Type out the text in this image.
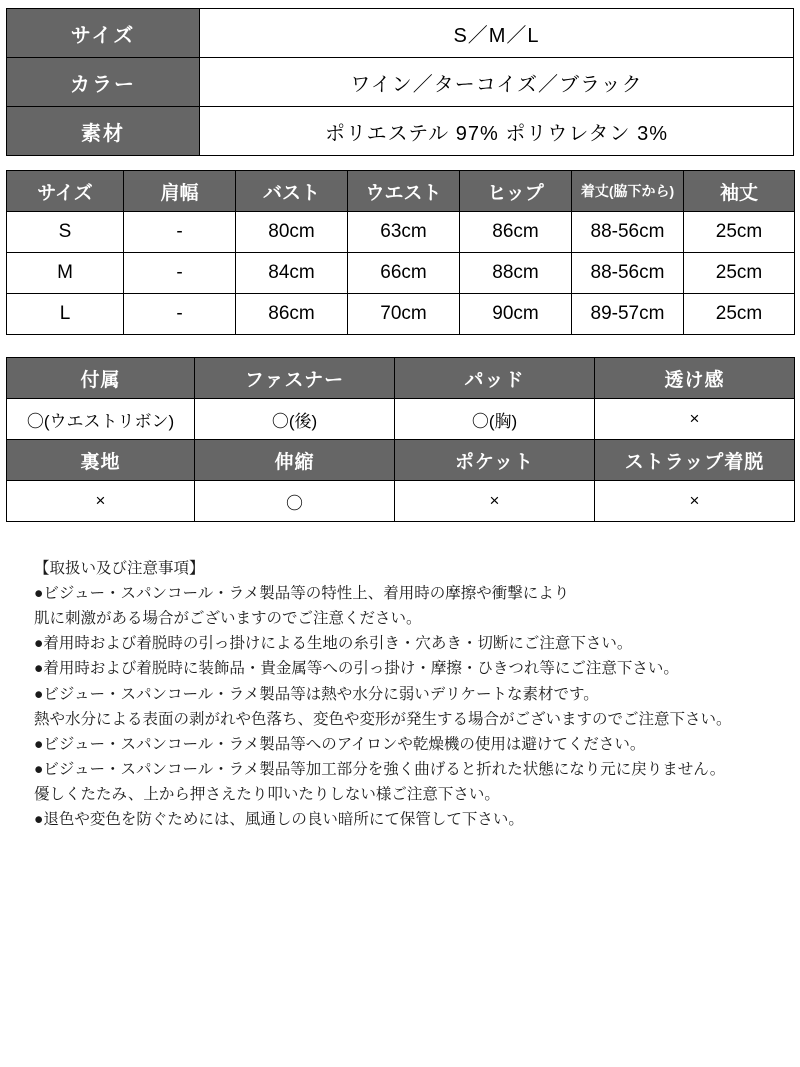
サイズ	S／M／L
カラー	ワイン／ターコイズ／ブラック
素材	ポリエステル 97% ポリウレタン 3%
サイズ	肩幅	バスト	ウエスト	ヒップ	着丈(脇下から)	袖丈
S	-	80cm	63cm	86cm	88-56cm	25cm
M	-	84cm	66cm	88cm	88-56cm	25cm
L	-	86cm	70cm	90cm	89-57cm	25cm
付属	ファスナー	パッド	透け感
〇(ウエストリボン)	〇(後)	〇(胸)	×
裏地	伸縮	ポケット	ストラップ着脱
×	〇	×	×
【取扱い及び注意事項】
●ビジュー・スパンコール・ラメ製品等の特性上、着用時の摩擦や衝撃により
肌に刺激がある場合がございますのでご注意ください。
●着用時および着脱時の引っ掛けによる生地の糸引き・穴あき・切断にご注意下さい。
●着用時および着脱時に装飾品・貴金属等への引っ掛け・摩擦・ひきつれ等にご注意下さい。
●ビジュー・スパンコール・ラメ製品等は熱や水分に弱いデリケートな素材です。
熱や水分による表面の剥がれや色落ち、変色や変形が発生する場合がございますのでご注意下さい。
●ビジュー・スパンコール・ラメ製品等へのアイロンや乾燥機の使用は避けてください。
●ビジュー・スパンコール・ラメ製品等加工部分を強く曲げると折れた状態になり元に戻りません。
優しくたたみ、上から押さえたり叩いたりしない様ご注意下さい。
●退色や変色を防ぐためには、風通しの良い暗所にて保管して下さい。
